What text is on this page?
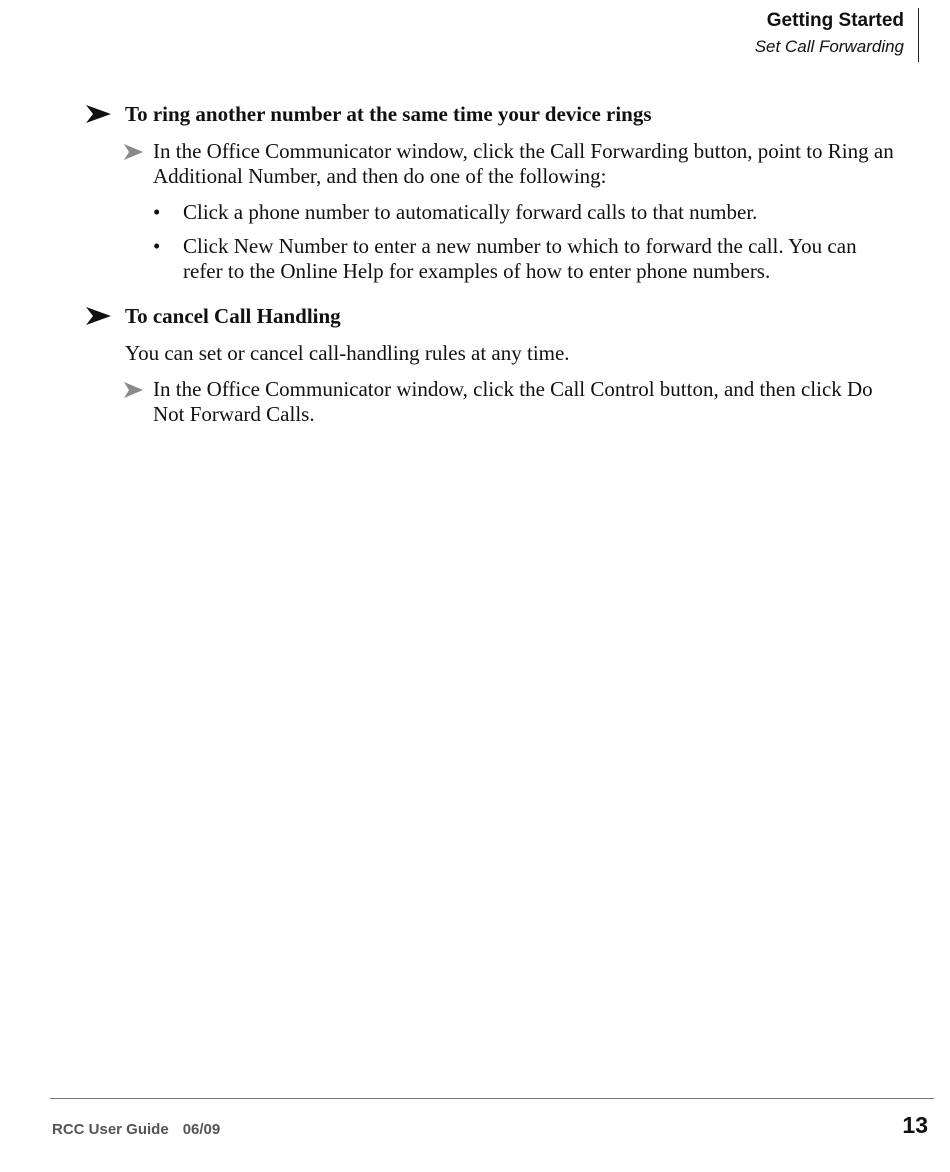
Getting Started
Set Call Forwarding
To ring another number at the same time your device rings
In the Office Communicator window, click the Call Forwarding button, point to Ring an Additional Number, and then do one of the following:
•	Click a phone number to automatically forward calls to that number.
•	Click New Number to enter a new number to which to forward the call. You can refer to the Online Help for examples of how to enter phone numbers.
To cancel Call Handling
You can set or cancel call-handling rules at any time.
In the Office Communicator window, click the Call Control button, and then click Do Not Forward Calls.
RCC User Guide 06/09	13
